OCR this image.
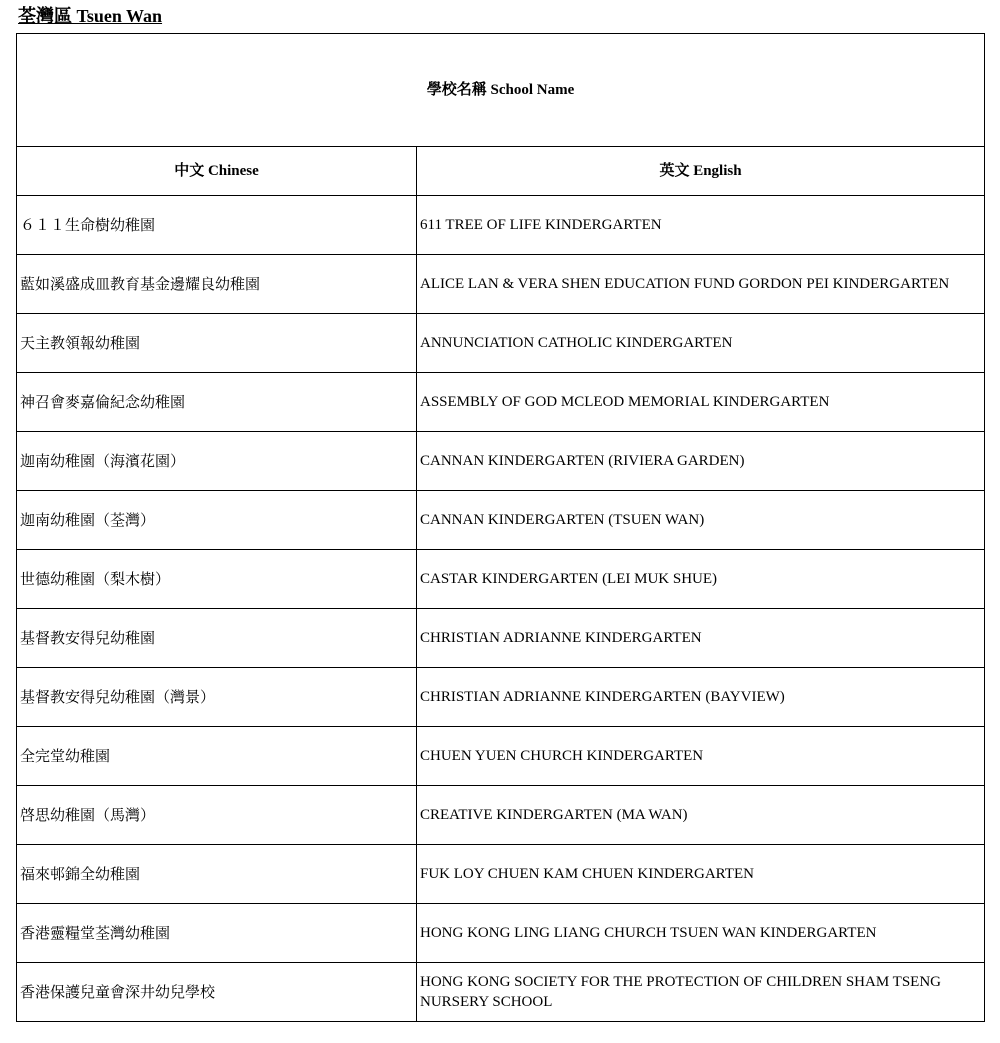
荃灣區 Tsuen Wan
學校名稱 School Name	
中文 Chinese	英文 English
６１１生命樹幼稚園	611 TREE OF LIFE KINDERGARTEN
藍如溪盛成皿教育基金邊耀良幼稚園	ALICE LAN & VERA SHEN EDUCATION FUND GORDON PEI KINDERGARTEN
天主教領報幼稚園	ANNUNCIATION CATHOLIC KINDERGARTEN
神召會麥嘉倫紀念幼稚園	ASSEMBLY OF GOD MCLEOD MEMORIAL KINDERGARTEN
迦南幼稚園（海濱花園）	CANNAN KINDERGARTEN (RIVIERA GARDEN)
迦南幼稚園（荃灣）	CANNAN KINDERGARTEN (TSUEN WAN)
世德幼稚園（梨木樹）	CASTAR KINDERGARTEN (LEI MUK SHUE)
基督教安得兒幼稚園	CHRISTIAN ADRIANNE KINDERGARTEN
基督教安得兒幼稚園（灣景）	CHRISTIAN ADRIANNE KINDERGARTEN (BAYVIEW)
全完堂幼稚園	CHUEN YUEN CHURCH KINDERGARTEN
啓思幼稚園（馬灣）	CREATIVE KINDERGARTEN (MA WAN)
福來邨錦全幼稚園	FUK LOY CHUEN KAM CHUEN KINDERGARTEN
香港靈糧堂荃灣幼稚園	HONG KONG LING LIANG CHURCH TSUEN WAN KINDERGARTEN
香港保護兒童會深井幼兒學校	HONG KONG SOCIETY FOR THE PROTECTION OF CHILDREN SHAM TSENG NURSERY SCHOOL
